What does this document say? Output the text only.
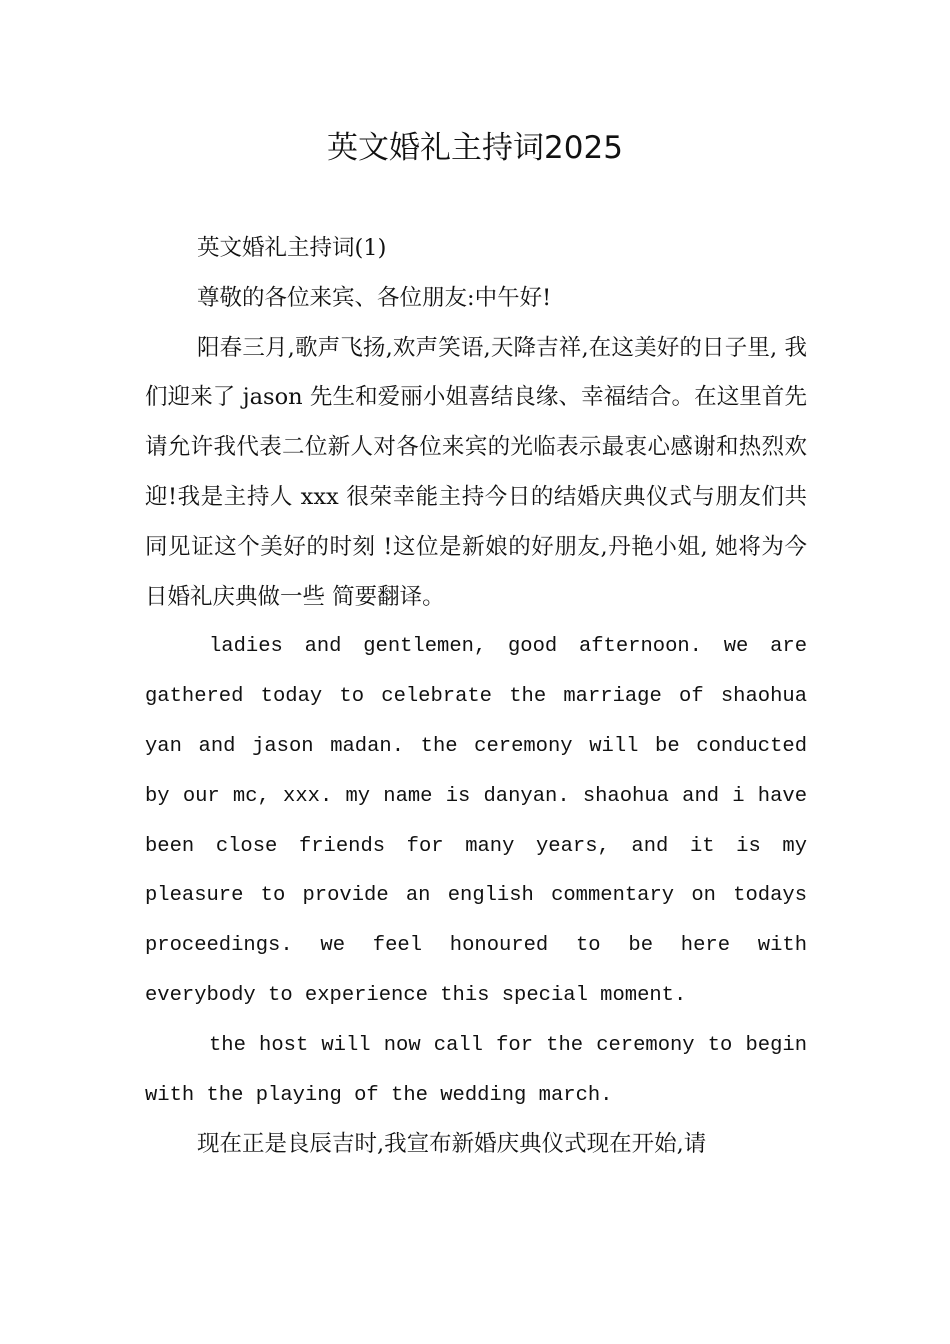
英文婚礼主持词2025

英文婚礼主持词(1)

尊敬的各位来宾、各位朋友:中午好!

阳春三月,歌声飞扬,欢声笑语,天降吉祥,在这美好的日子里, 我们迎来了 jason 先生和爱丽小姐喜结良缘、幸福结合。在这里首先请允许我代表二位新人对各位来宾的光临表示最衷心感谢和热烈欢迎!我是主持人 xxx 很荣幸能主持今日的结婚庆典仪式与朋友们共同见证这个美好的时刻 !这位是新娘的好朋友,丹艳小姐, 她将为今日婚礼庆典做一些 简要翻译。

ladies and gentlemen, good afternoon. we are gathered today to celebrate the marriage of shaohua yan and jason madan. the ceremony will be conducted by our mc, xxx. my name is danyan. shaohua and i have been close friends for many years, and it is my pleasure to provide an english commentary on todays proceedings. we feel honoured to be here with everybody to experience this special moment.

the host will now call for the ceremony to begin with the playing of the wedding march.

现在正是良辰吉时,我宣布新婚庆典仪式现在开始,请
